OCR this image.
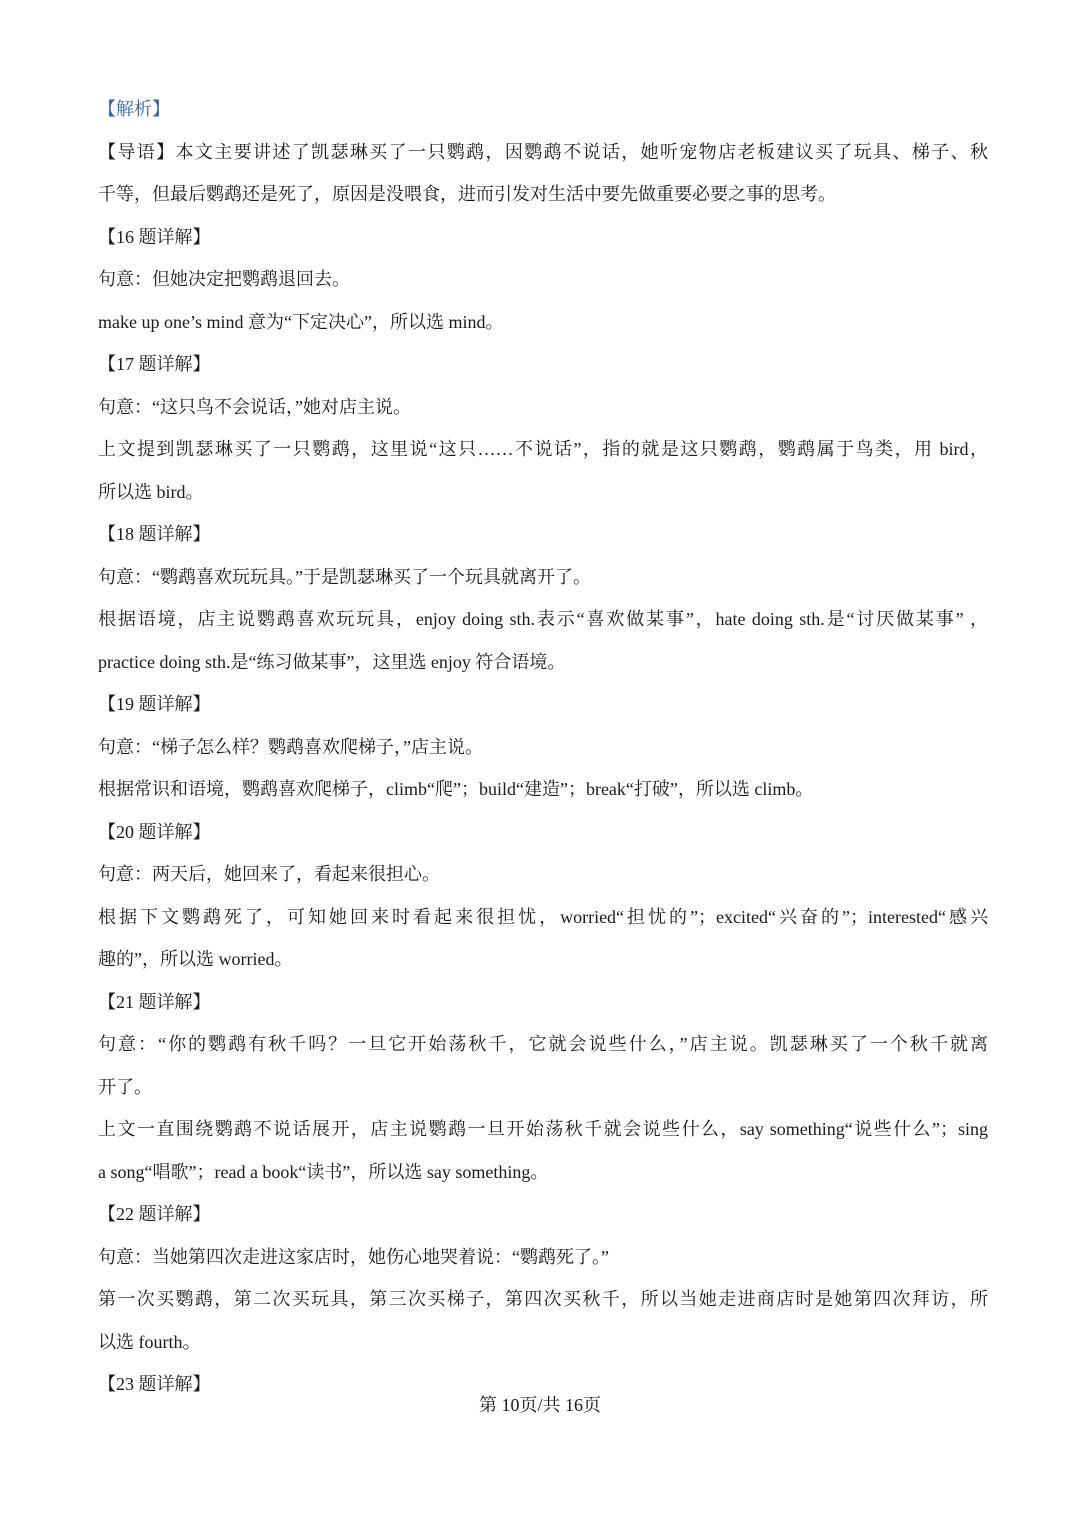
【解析】
【导语】本文主要讲述了凯瑟琳买了一只鹦鹉，因鹦鹉不说话，她听宠物店老板建议买了玩具、梯子、秋
千等，但最后鹦鹉还是死了，原因是没喂食，进而引发对生活中要先做重要必要之事的思考。
【16 题详解】
句意：但她决定把鹦鹉退回去。
make up one’s mind 意为“下定决心”，所以选 mind。
【17 题详解】
句意：“这只鸟不会说话，”她对店主说。
上文提到凯瑟琳买了一只鹦鹉，这里说“这只……不说话”，指的就是这只鹦鹉，鹦鹉属于鸟类，用 bird，
所以选 bird。
【18 题详解】
句意：“鹦鹉喜欢玩玩具。”于是凯瑟琳买了一个玩具就离开了。
根据语境，店主说鹦鹉喜欢玩玩具，enjoy doing sth.表示“喜欢做某事”，hate doing sth.是“讨厌做某事” ，
practice doing sth.是“练习做某事”，这里选 enjoy 符合语境。
【19 题详解】
句意：“梯子怎么样？鹦鹉喜欢爬梯子，”店主说。
根据常识和语境，鹦鹉喜欢爬梯子，climb“爬”；build“建造”；break“打破”，所以选 climb。
【20 题详解】
句意：两天后，她回来了，看起来很担心。
根据下文鹦鹉死了，可知她回来时看起来很担忧，worried“担忧的”；excited“兴奋的”；interested“感兴
趣的”，所以选 worried。
【21 题详解】
句意：“你的鹦鹉有秋千吗？一旦它开始荡秋千，它就会说些什么，”店主说。凯瑟琳买了一个秋千就离
开了。
上文一直围绕鹦鹉不说话展开，店主说鹦鹉一旦开始荡秋千就会说些什么，say something“说些什么”；sing
a song“唱歌”；read a book“读书”，所以选 say something。
【22 题详解】
句意：当她第四次走进这家店时，她伤心地哭着说：“鹦鹉死了。”
第一次买鹦鹉，第二次买玩具，第三次买梯子，第四次买秋千，所以当她走进商店时是她第四次拜访，所
以选 fourth。
【23 题详解】
第 10页/共 16页
